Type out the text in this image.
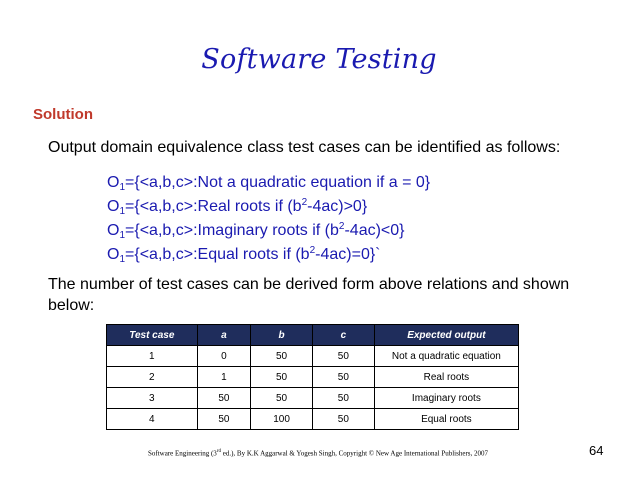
Software Testing
Solution
Output domain equivalence class test cases can be identified as follows:
$O_1=\{<a,b,c>:Not$ a quadratic equation if a = 0}
$O_1=\{<a,b,c>:Real$ roots if $(b^2-4ac)>0$}
$O_1=\{<a,b,c>:Imaginary$ roots if $(b^2-4ac)<0$}
$O_1=\{<a,b,c>:Equal$ roots if $(b^2-4ac)=0\}`$
The number of test cases can be derived form above relations and shown below:
Test case	a	b	c	Expected output
1	0	50	50	Not a quadratic equation
2	1	50	50	Real roots
3	50	50	50	Imaginary roots
4	50	100	50	Equal roots
Software Engineering (3rd ed.), By K.K Aggarwal & Yogesh Singh, Copyright © New Age International Publishers, 2007	64
